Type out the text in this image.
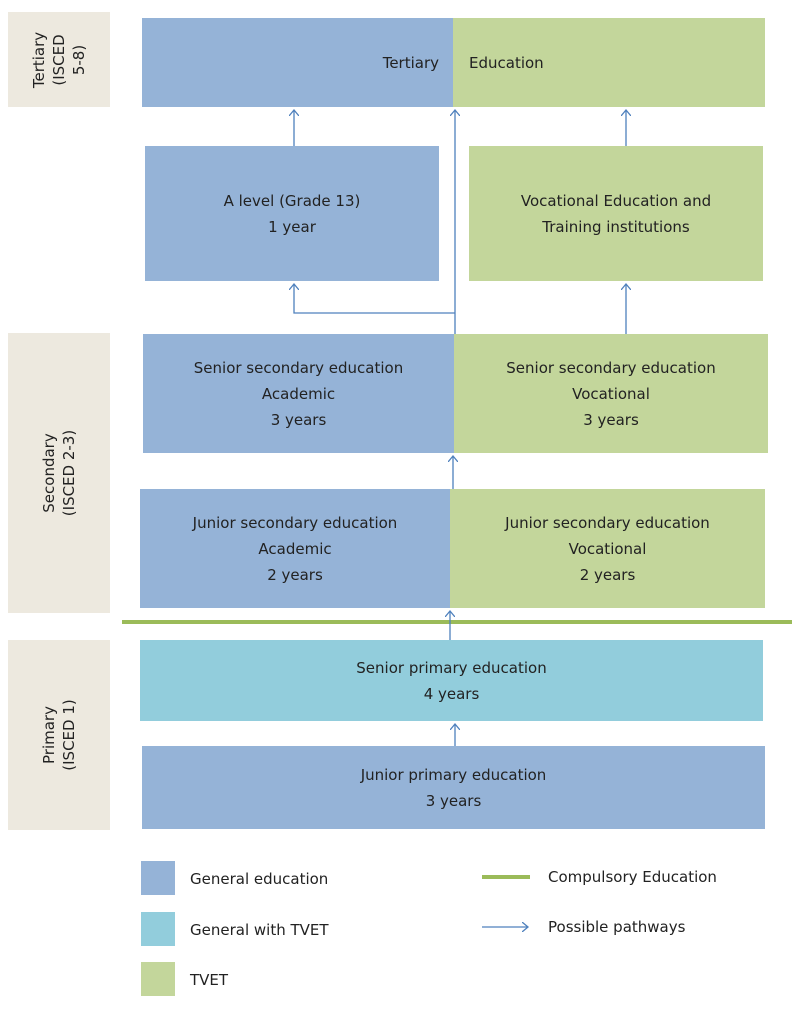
Tertiary (ISCED 5-8)
Secondary (ISCED 2-3)
Primary (ISCED 1)
Tertiary Education
A level (Grade 13)
1 year
Vocational Education and
Training institutions
Senior secondary education
Academic
3 years
Senior secondary education
Vocational
3 years
Junior secondary education
Academic
2 years
Junior secondary education
Vocational
2 years
Senior primary education
4 years
Junior primary education
3 years
General education
General with TVET
TVET
Compulsory Education
Possible pathways
